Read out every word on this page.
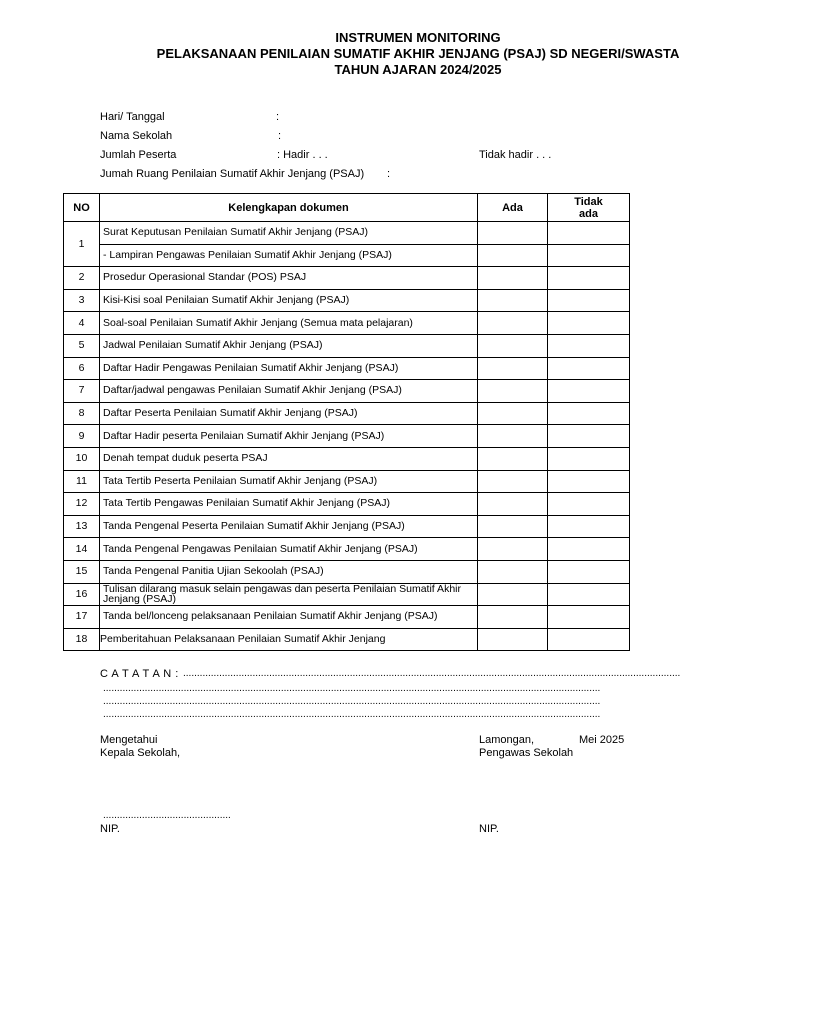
INSTRUMEN MONITORING
PELAKSANAAN PENILAIAN SUMATIF AKHIR JENJANG (PSAJ) SD NEGERI/SWASTA
TAHUN AJARAN 2024/2025
Hari/ Tanggal	:
Nama Sekolah	:
Jumlah Peserta	: Hadir . . .	Tidak hadir . . .
Jumah Ruang Penilaian Sumatif Akhir Jenjang (PSAJ) :
NO	Kelengkapan dokumen	Ada	Tidak ada
1	Surat Keputusan Penilaian Sumatif Akhir Jenjang (PSAJ)		
	- Lampiran Pengawas Penilaian Sumatif Akhir Jenjang (PSAJ)		
2	Prosedur Operasional Standar (POS) PSAJ		
3	Kisi-Kisi soal Penilaian Sumatif Akhir Jenjang (PSAJ)		
4	Soal-soal Penilaian Sumatif Akhir Jenjang (Semua mata pelajaran)		
5	Jadwal Penilaian Sumatif Akhir Jenjang (PSAJ)		
6	Daftar Hadir Pengawas Penilaian Sumatif Akhir Jenjang (PSAJ)		
7	Daftar/jadwal pengawas Penilaian Sumatif Akhir Jenjang (PSAJ)		
8	Daftar Peserta Penilaian Sumatif Akhir Jenjang (PSAJ)		
9	Daftar Hadir peserta Penilaian Sumatif Akhir Jenjang (PSAJ)		
10	Denah tempat duduk peserta PSAJ		
11	Tata Tertib Peserta Penilaian Sumatif Akhir Jenjang (PSAJ)		
12	Tata Tertib Pengawas Penilaian Sumatif Akhir Jenjang (PSAJ)		
13	Tanda Pengenal Peserta Penilaian Sumatif Akhir Jenjang (PSAJ)		
14	Tanda Pengenal Pengawas Penilaian Sumatif Akhir Jenjang (PSAJ)		
15	Tanda Pengenal Panitia Ujian Sekoolah (PSAJ)		
16	Tulisan dilarang masuk selain pengawas dan peserta Penilaian Sumatif Akhir Jenjang (PSAJ)		
17	Tanda bel/lonceng pelaksanaan Penilaian Sumatif Akhir Jenjang (PSAJ)		
18	Pemberitahuan Pelaksanaan Penilaian Sumatif Akhir Jenjang		
C A T A T A N : ...................................................................................................................................................................................
...................................................................................................................................................................................
...................................................................................................................................................................................
...................................................................................................................................................................................
Mengetahui
Kepala Sekolah,
..............................................
NIP.
Lamongan,	Mei 2025
Pengawas Sekolah
NIP.
